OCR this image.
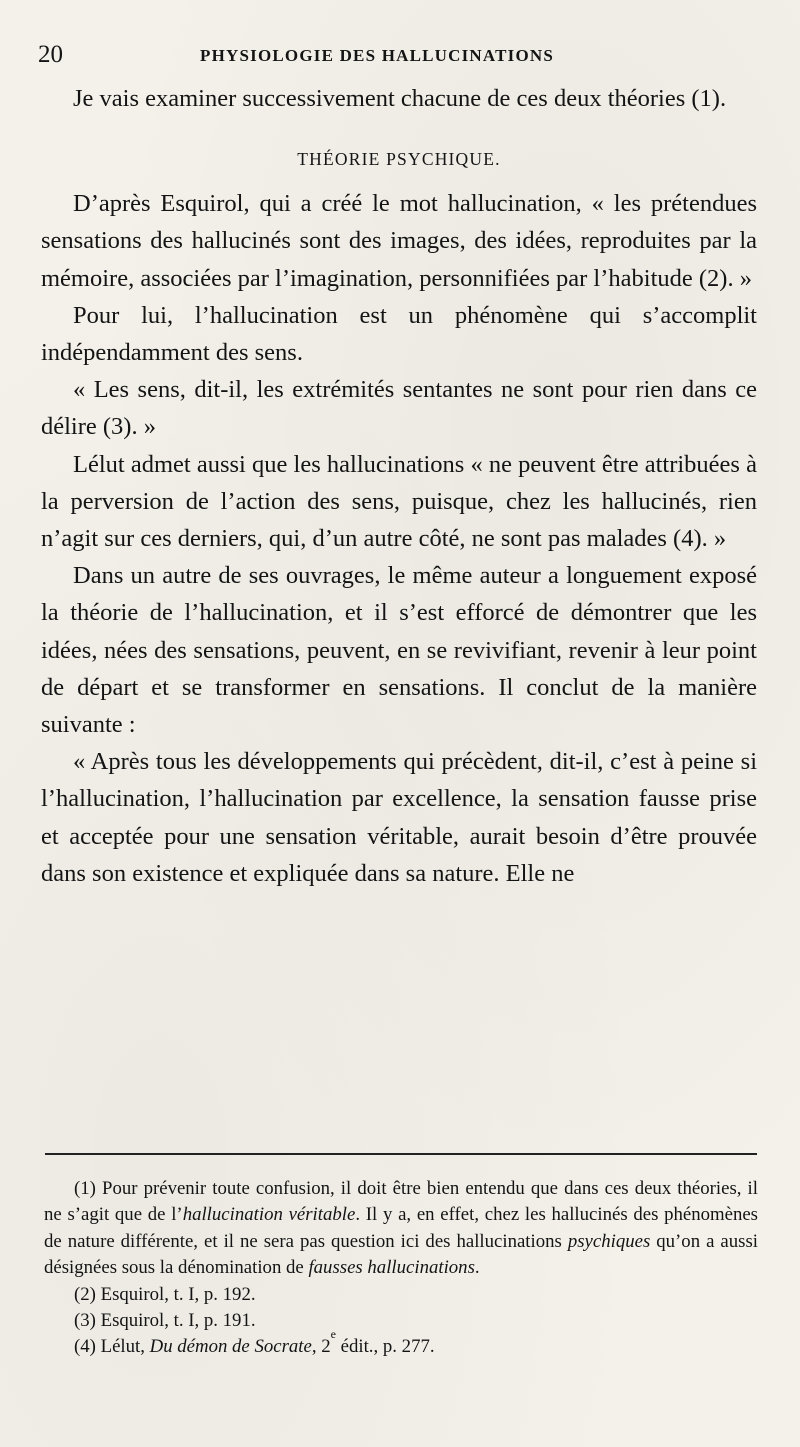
20	PHYSIOLOGIE DES HALLUCINATIONS

Je vais examiner successivement chacune de ces deux théories (1).

THÉORIE PSYCHIQUE.

D’après Esquirol, qui a créé le mot hallucination, « les prétendues sensations des hallucinés sont des images, des idées, reproduites par la mémoire, associées par l’imagination, personnifiées par l’habitude (2). »

Pour lui, l’hallucination est un phénomène qui s’accomplit indépendamment des sens.

« Les sens, dit-il, les extrémités sentantes ne sont pour rien dans ce délire (3). »

Lélut admet aussi que les hallucinations « ne peuvent être attribuées à la perversion de l’action des sens, puisque, chez les hallucinés, rien n’agit sur ces derniers, qui, d’un autre côté, ne sont pas malades (4). »

Dans un autre de ses ouvrages, le même auteur a longuement exposé la théorie de l’hallucination, et il s’est efforcé de démontrer que les idées, nées des sensations, peuvent, en se revivifiant, revenir à leur point de départ et se transformer en sensations. Il conclut de la manière suivante :

« Après tous les développements qui précèdent, dit-il, c’est à peine si l’hallucination, l’hallucination par excellence, la sensation fausse prise et acceptée pour une sensation véritable, aurait besoin d’être prouvée dans son existence et expliquée dans sa nature. Elle ne

(1) Pour prévenir toute confusion, il doit être bien entendu que dans ces deux théories, il ne s’agit que de l’hallucination véritable. Il y a, en effet, chez les hallucinés des phénomènes de nature différente, et il ne sera pas question ici des hallucinations psychiques qu’on a aussi désignées sous la dénomination de fausses hallucinations.

(2) Esquirol, t. I, p. 192.

(3) Esquirol, t. I, p. 191.

(4) Lélut, Du démon de Socrate, 2e édit., p. 277.
